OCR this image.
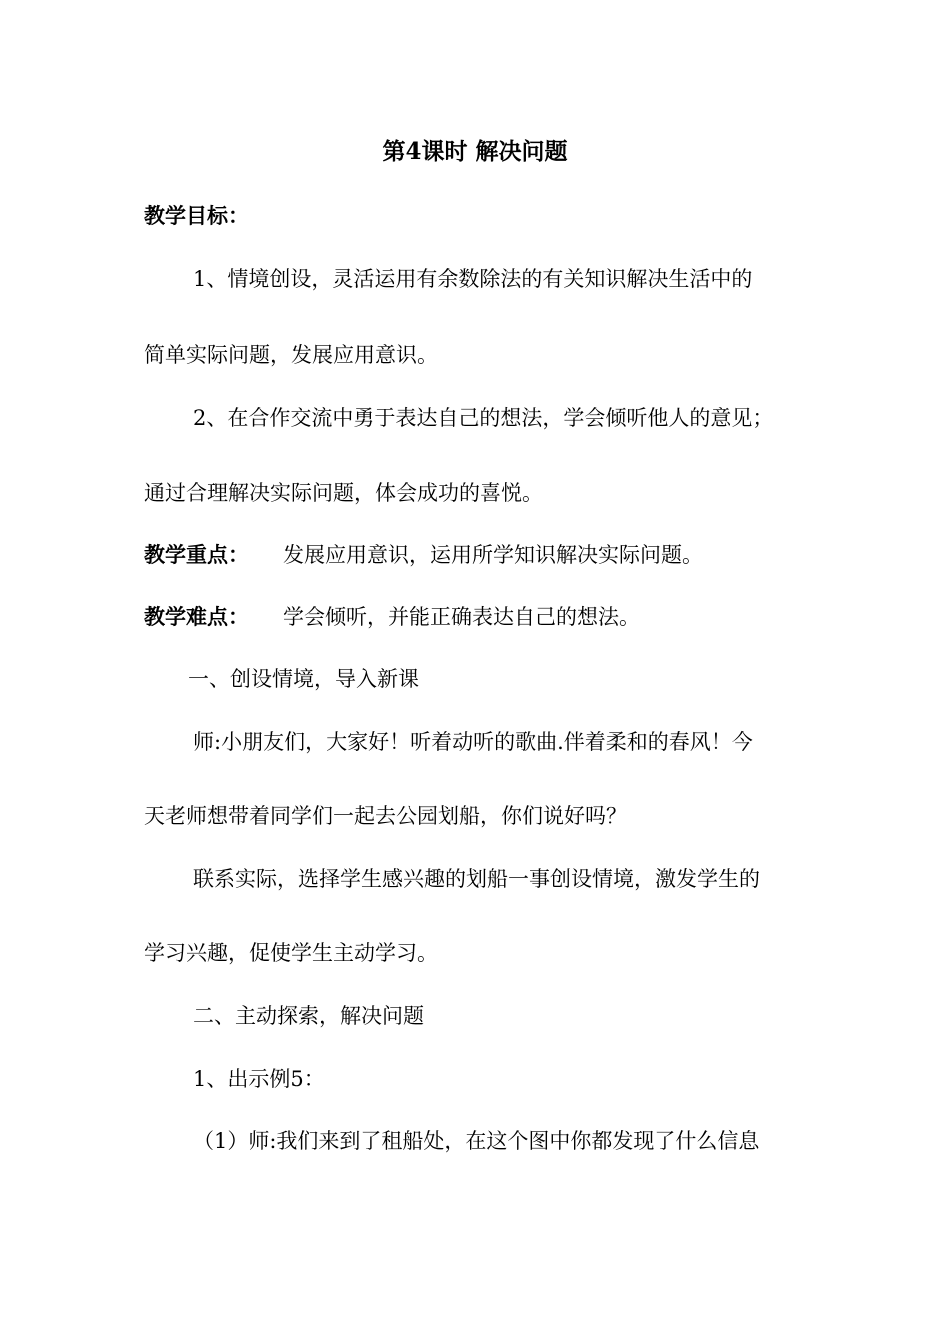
第4课时 解决问题
教学目标：
1、情境创设，灵活运用有余数除法的有关知识解决生活中的
简单实际问题，发展应用意识。
2、在合作交流中勇于表达自己的想法，学会倾听他人的意见；
通过合理解决实际问题，体会成功的喜悦。
教学重点： 发展应用意识，运用所学知识解决实际问题。
教学难点： 学会倾听，并能正确表达自己的想法。
一、创设情境，导入新课
师:小朋友们，大家好！听着动听的歌曲.伴着柔和的春风！今
天老师想带着同学们一起去公园划船，你们说好吗？
联系实际，选择学生感兴趣的划船一事创设情境，激发学生的
学习兴趣，促使学生主动学习。
二、主动探索，解决问题
1、出示例5：
（1）师:我们来到了租船处，在这个图中你都发现了什么信息
